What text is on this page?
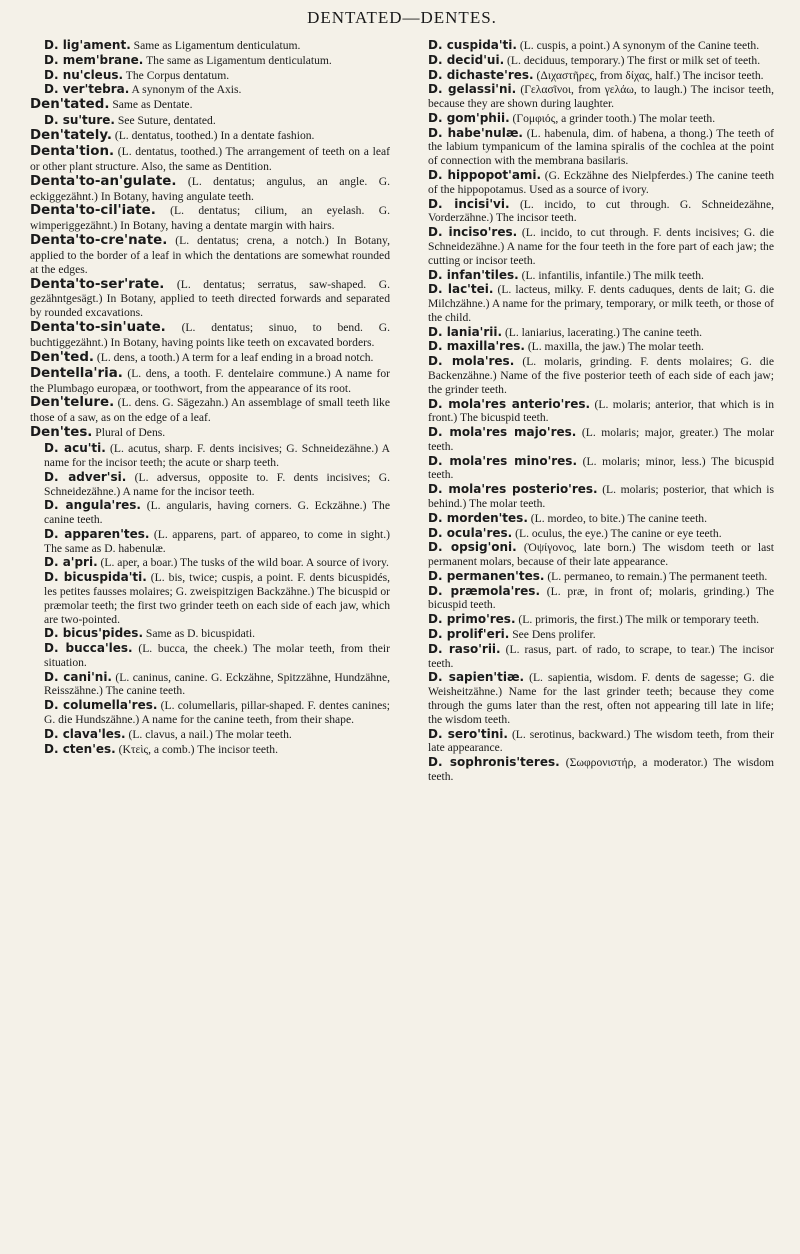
DENTATED—DENTES.

D. lig'ament. Same as Ligamentum denticulatum.

D. mem'brane. The same as Ligamentum denticulatum.

D. nu'cleus. The Corpus dentatum.

D. ver'tebra. A synonym of the Axis.

Den'tated. Same as Dentate.

D. su'ture. See Suture, dentated.

Den'tately. (L. dentatus, toothed.) In a dentate fashion.

Denta'tion. (L. dentatus, toothed.) The arrangement of teeth on a leaf or other plant structure. Also, the same as Dentition.

Denta'to-an'gulate. (L. dentatus; angulus, an angle. G. eckiggezähnt.) In Botany, having angulate teeth.

Denta'to-cil'iate. (L. dentatus; cilium, an eyelash. G. wimperiggezähnt.) In Botany, having a dentate margin with hairs.

Denta'to-cre'nate. (L. dentatus; crena, a notch.) In Botany, applied to the border of a leaf in which the dentations are somewhat rounded at the edges.

Denta'to-ser'rate. (L. dentatus; serratus, saw-shaped. G. gezähntgesägt.) In Botany, applied to teeth directed forwards and separated by rounded excavations.

Denta'to-sin'uate. (L. dentatus; sinuo, to bend. G. buchtiggezähnt.) In Botany, having points like teeth on excavated borders.

Den'ted. (L. dens, a tooth.) A term for a leaf ending in a broad notch.

Dentella'ria. (L. dens, a tooth. F. dentelaire commune.) A name for the Plumbago europæa, or toothwort, from the appearance of its root.

Den'telure. (L. dens. G. Sägezahn.) An assemblage of small teeth like those of a saw, as on the edge of a leaf.

Den'tes. Plural of Dens.

D. acu'ti. (L. acutus, sharp. F. dents incisives; G. Schneidezähne.) A name for the incisor teeth; the acute or sharp teeth.

D. adver'si. (L. adversus, opposite to. F. dents incisives; G. Schneidezähne.) A name for the incisor teeth.

D. angula'res. (L. angularis, having corners. G. Eckzähne.) The canine teeth.

D. apparen'tes. (L. apparens, part. of appareo, to come in sight.) The same as D. habenulæ.

D. a'pri. (L. aper, a boar.) The tusks of the wild boar. A source of ivory.

D. bicuspida'ti. (L. bis, twice; cuspis, a point. F. dents bicuspidés, les petites fausses molaires; G. zweispitzigen Backzähne.) The bicuspid or præmolar teeth; the first two grinder teeth on each side of each jaw, which are two-pointed.

D. bicus'pides. Same as D. bicuspidati.

D. bucca'les. (L. bucca, the cheek.) The molar teeth, from their situation.

D. cani'ni. (L. caninus, canine. G. Eckzähne, Spitzzähne, Hundzähne, Reisszähne.) The canine teeth.

D. columella'res. (L. columellaris, pillar-shaped. F. dentes canines; G. die Hundszähne.) A name for the canine teeth, from their shape.

D. clava'les. (L. clavus, a nail.) The molar teeth.

D. cten'es. (Κτεὶς, a comb.) The incisor teeth.

D. cuspida'ti. (L. cuspis, a point.) A synonym of the Canine teeth.

D. decid'ui. (L. deciduus, temporary.) The first or milk set of teeth.

D. dichaste'res. (Διχαστῆρες, from δίχας, half.) The incisor teeth.

D. gelassi'ni. (Γελασῖνοι, from γελάω, to laugh.) The incisor teeth, because they are shown during laughter.

D. gom'phii. (Γομφιός, a grinder tooth.) The molar teeth.

D. habe'nulæ. (L. habenula, dim. of habena, a thong.) The teeth of the labium tympanicum of the lamina spiralis of the cochlea at the point of connection with the membrana basilaris.

D. hippopot'ami. (G. Eckzähne des Nielpferdes.) The canine teeth of the hippopotamus. Used as a source of ivory.

D. incisi'vi. (L. incido, to cut through. G. Schneidezähne, Vorderzähne.) The incisor teeth.

D. inciso'res. (L. incido, to cut through. F. dents incisives; G. die Schneidezähne.) A name for the four teeth in the fore part of each jaw; the cutting or incisor teeth.

D. infan'tiles. (L. infantilis, infantile.) The milk teeth.

D. lac'tei. (L. lacteus, milky. F. dents caduques, dents de lait; G. die Milchzähne.) A name for the primary, temporary, or milk teeth, or those of the child.

D. lania'rii. (L. laniarius, lacerating.) The canine teeth.

D. maxilla'res. (L. maxilla, the jaw.) The molar teeth.

D. mola'res. (L. molaris, grinding. F. dents molaires; G. die Backenzähne.) Name of the five posterior teeth of each side of each jaw; the grinder teeth.

D. mola'res anterio'res. (L. molaris; anterior, that which is in front.) The bicuspid teeth.

D. mola'res majo'res. (L. molaris; major, greater.) The molar teeth.

D. mola'res mino'res. (L. molaris; minor, less.) The bicuspid teeth.

D. mola'res posterio'res. (L. molaris; posterior, that which is behind.) The molar teeth.

D. morden'tes. (L. mordeo, to bite.) The canine teeth.

D. ocula'res. (L. oculus, the eye.) The canine or eye teeth.

D. opsig'oni. (Ὀψίγονος, late born.) The wisdom teeth or last permanent molars, because of their late appearance.

D. permanen'tes. (L. permaneo, to remain.) The permanent teeth.

D. præmola'res. (L. præ, in front of; molaris, grinding.) The bicuspid teeth.

D. primo'res. (L. primoris, the first.) The milk or temporary teeth.

D. prolif'eri. See Dens prolifer.

D. raso'rii. (L. rasus, part. of rado, to scrape, to tear.) The incisor teeth.

D. sapien'tiæ. (L. sapientia, wisdom. F. dents de sagesse; G. die Weisheitzähne.) Name for the last grinder teeth; because they come through the gums later than the rest, often not appearing till late in life; the wisdom teeth.

D. sero'tini. (L. serotinus, backward.) The wisdom teeth, from their late appearance.

D. sophronis'teres. (Σωφρονιστήρ, a moderator.) The wisdom teeth.
